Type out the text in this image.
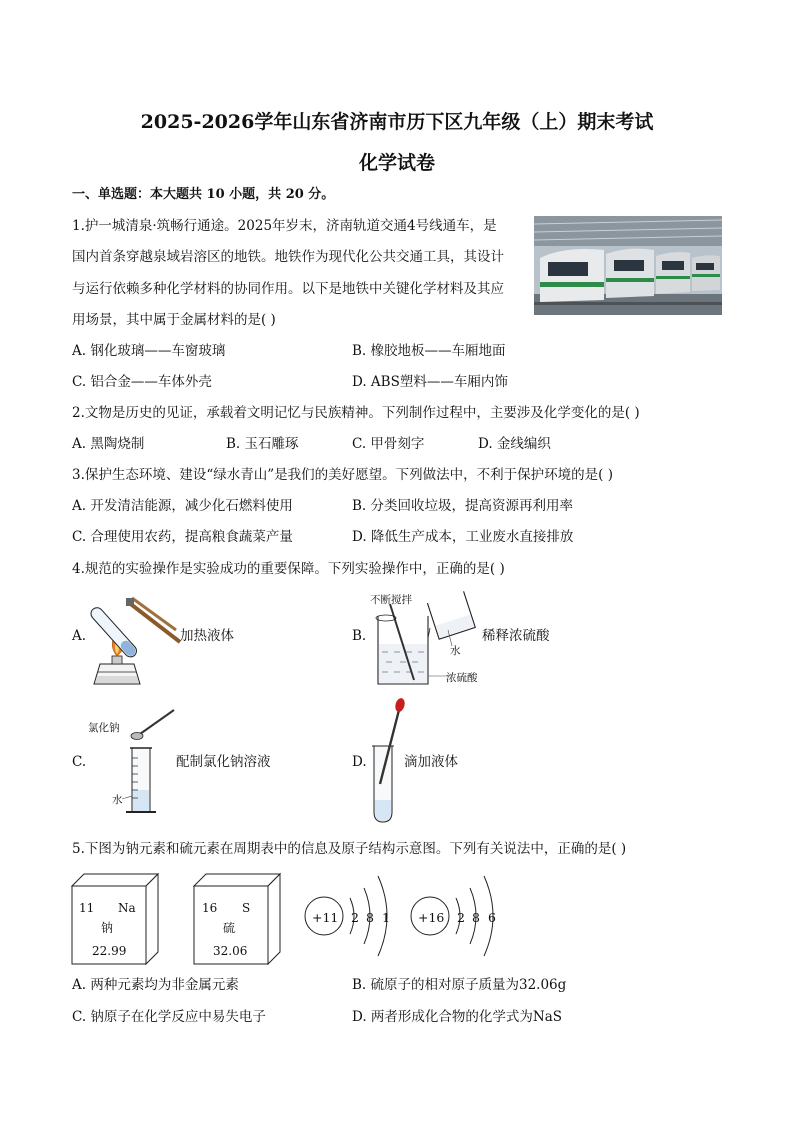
2025-2026学年山东省济南市历下区九年级（上）期末考试
化学试卷
一、单选题：本大题共 10 小题，共 20 分。
1.护一城清泉·筑畅行通途。2025年岁末，济南轨道交通4号线通车，是
国内首条穿越泉域岩溶区的地铁。地铁作为现代化公共交通工具，其设计
与运行依赖多种化学材料的协同作用。以下是地铁中关键化学材料及其应
用场景，其中属于金属材料的是( )
A. 钢化玻璃——车窗玻璃	B. 橡胶地板——车厢地面
C. 铝合金——车体外壳	D. ABS塑料——车厢内饰
2.文物是历史的见证，承载着文明记忆与民族精神。下列制作过程中，主要涉及化学变化的是( )
A. 黑陶烧制	B. 玉石雕琢	C. 甲骨刻字	D. 金线编织
3.保护生态环境、建设“绿水青山”是我们的美好愿望。下列做法中，不利于保护环境的是( )
A. 开发清洁能源，减少化石燃料使用	B. 分类回收垃圾，提高资源再利用率
C. 合理使用农药，提高粮食蔬菜产量	D. 降低生产成本，工业废水直接排放
4.规范的实验操作是实验成功的重要保障。下列实验操作中，正确的是( )
A.	加热液体	B.
不断搅拌
水
浓硫酸
稀释浓硫酸
C.
氯化钠
水
配制氯化钠溶液	D.	滴加液体
5.下图为钠元素和硫元素在周期表中的信息及原子结构示意图。下列有关说法中，正确的是( )
11 Na
钠
22.99
16 S
硫
32.06
+11 2 8 1 +16 2 8 6
A. 两种元素均为非金属元素	B. 硫原子的相对原子质量为32.06g
C. 钠原子在化学反应中易失电子	D. 两者形成化合物的化学式为NaS
